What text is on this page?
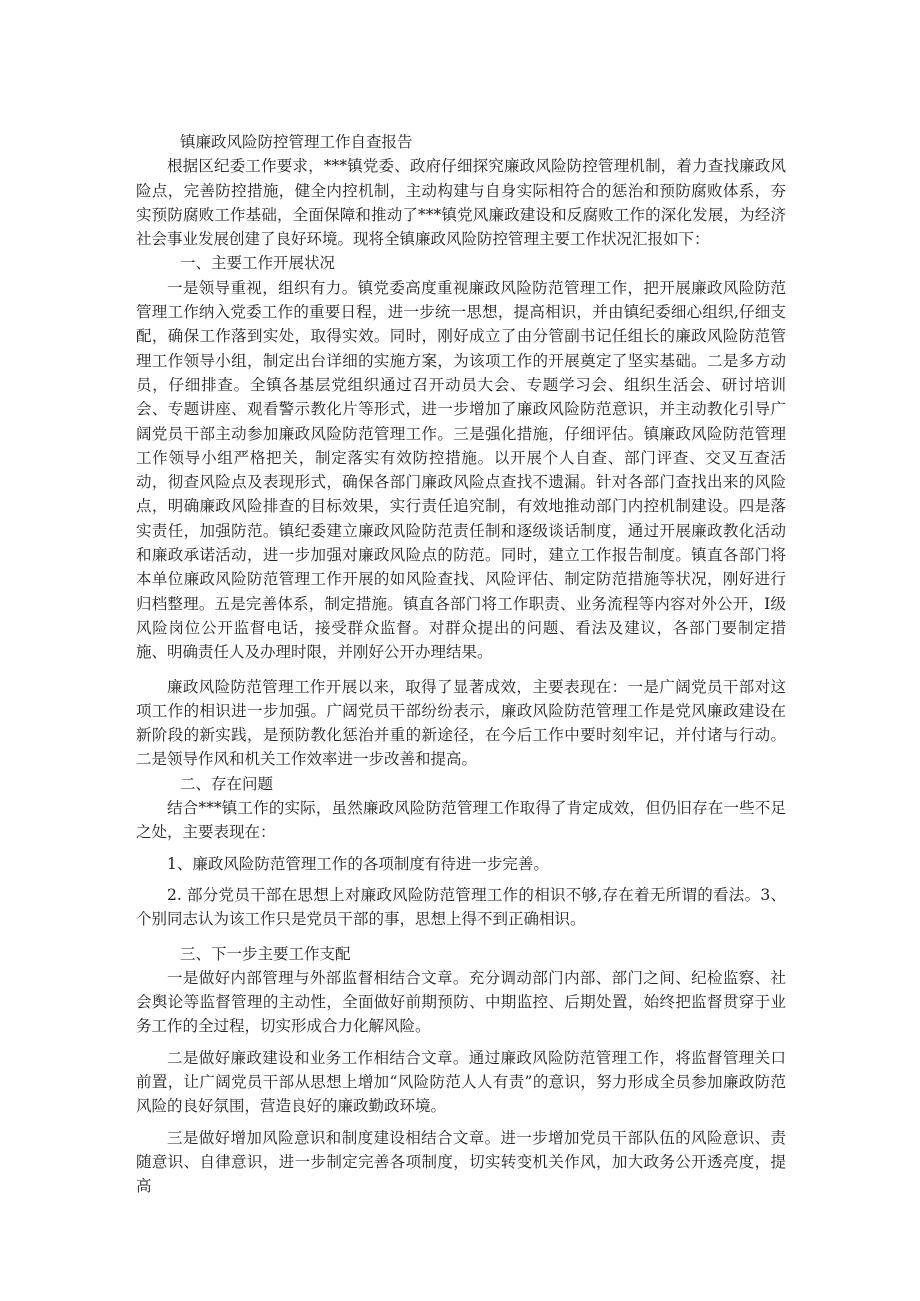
镇廉政风险防控管理工作自查报告

根据区纪委工作要求，***镇党委、政府仔细探究廉政风险防控管理机制，着力查找廉政风险点，完善防控措施，健全内控机制，主动构建与自身实际相符合的惩治和预防腐败体系，夯实预防腐败工作基础，全面保障和推动了***镇党风廉政建设和反腐败工作的深化发展，为经济社会事业发展创建了良好环境。现将全镇廉政风险防控管理主要工作状况汇报如下：

一、主要工作开展状况

一是领导重视，组织有力。镇党委高度重视廉政风险防范管理工作，把开展廉政风险防范管理工作纳入党委工作的重要日程，进一步统一思想，提高相识，并由镇纪委细心组织,仔细支配，确保工作落到实处，取得实效。同时，刚好成立了由分管副书记任组长的廉政风险防范管理工作领导小组，制定出台详细的实施方案，为该项工作的开展奠定了坚实基础。二是多方动员，仔细排查。全镇各基层党组织通过召开动员大会、专题学习会、组织生活会、研讨培训会、专题讲座、观看警示教化片等形式，进一步增加了廉政风险防范意识，并主动教化引导广阔党员干部主动参加廉政风险防范管理工作。三是强化措施，仔细评估。镇廉政风险防范管理工作领导小组严格把关，制定落实有效防控措施。以开展个人自查、部门评查、交叉互查活动，彻查风险点及表现形式，确保各部门廉政风险点查找不遗漏。针对各部门查找出来的风险点，明确廉政风险排查的目标效果，实行责任追究制，有效地推动部门内控机制建设。四是落实责任，加强防范。镇纪委建立廉政风险防范责任制和逐级谈话制度，通过开展廉政教化活动和廉政承诺活动，进一步加强对廉政风险点的防范。同时，建立工作报告制度。镇直各部门将本单位廉政风险防范管理工作开展的如风险查找、风险评估、制定防范措施等状况，刚好进行归档整理。五是完善体系，制定措施。镇直各部门将工作职责、业务流程等内容对外公开，Ⅰ级风险岗位公开监督电话，接受群众监督。对群众提出的问题、看法及建议，各部门要制定措施、明确责任人及办理时限，并刚好公开办理结果。

廉政风险防范管理工作开展以来，取得了显著成效，主要表现在：一是广阔党员干部对这项工作的相识进一步加强。广阔党员干部纷纷表示，廉政风险防范管理工作是党风廉政建设在新阶段的新实践，是预防教化惩治并重的新途径，在今后工作中要时刻牢记，并付诸与行动。二是领导作风和机关工作效率进一步改善和提高。

二、存在问题

结合***镇工作的实际，虽然廉政风险防范管理工作取得了肯定成效，但仍旧存在一些不足之处，主要表现在：

1、廉政风险防范管理工作的各项制度有待进一步完善。

2. 部分党员干部在思想上对廉政风险防范管理工作的相识不够,存在着无所谓的看法。3、个别同志认为该工作只是党员干部的事，思想上得不到正确相识。

三、下一步主要工作支配

一是做好内部管理与外部监督相结合文章。充分调动部门内部、部门之间、纪检监察、社会舆论等监督管理的主动性，全面做好前期预防、中期监控、后期处置，始终把监督贯穿于业务工作的全过程，切实形成合力化解风险。

二是做好廉政建设和业务工作相结合文章。通过廉政风险防范管理工作，将监督管理关口前置，让广阔党员干部从思想上增加“风险防范人人有责”的意识，努力形成全员参加廉政防范风险的良好氛围，营造良好的廉政勤政环境。

三是做好增加风险意识和制度建设相结合文章。进一步增加党员干部队伍的风险意识、责随意识、自律意识，进一步制定完善各项制度，切实转变机关作风，加大政务公开透亮度，提高
